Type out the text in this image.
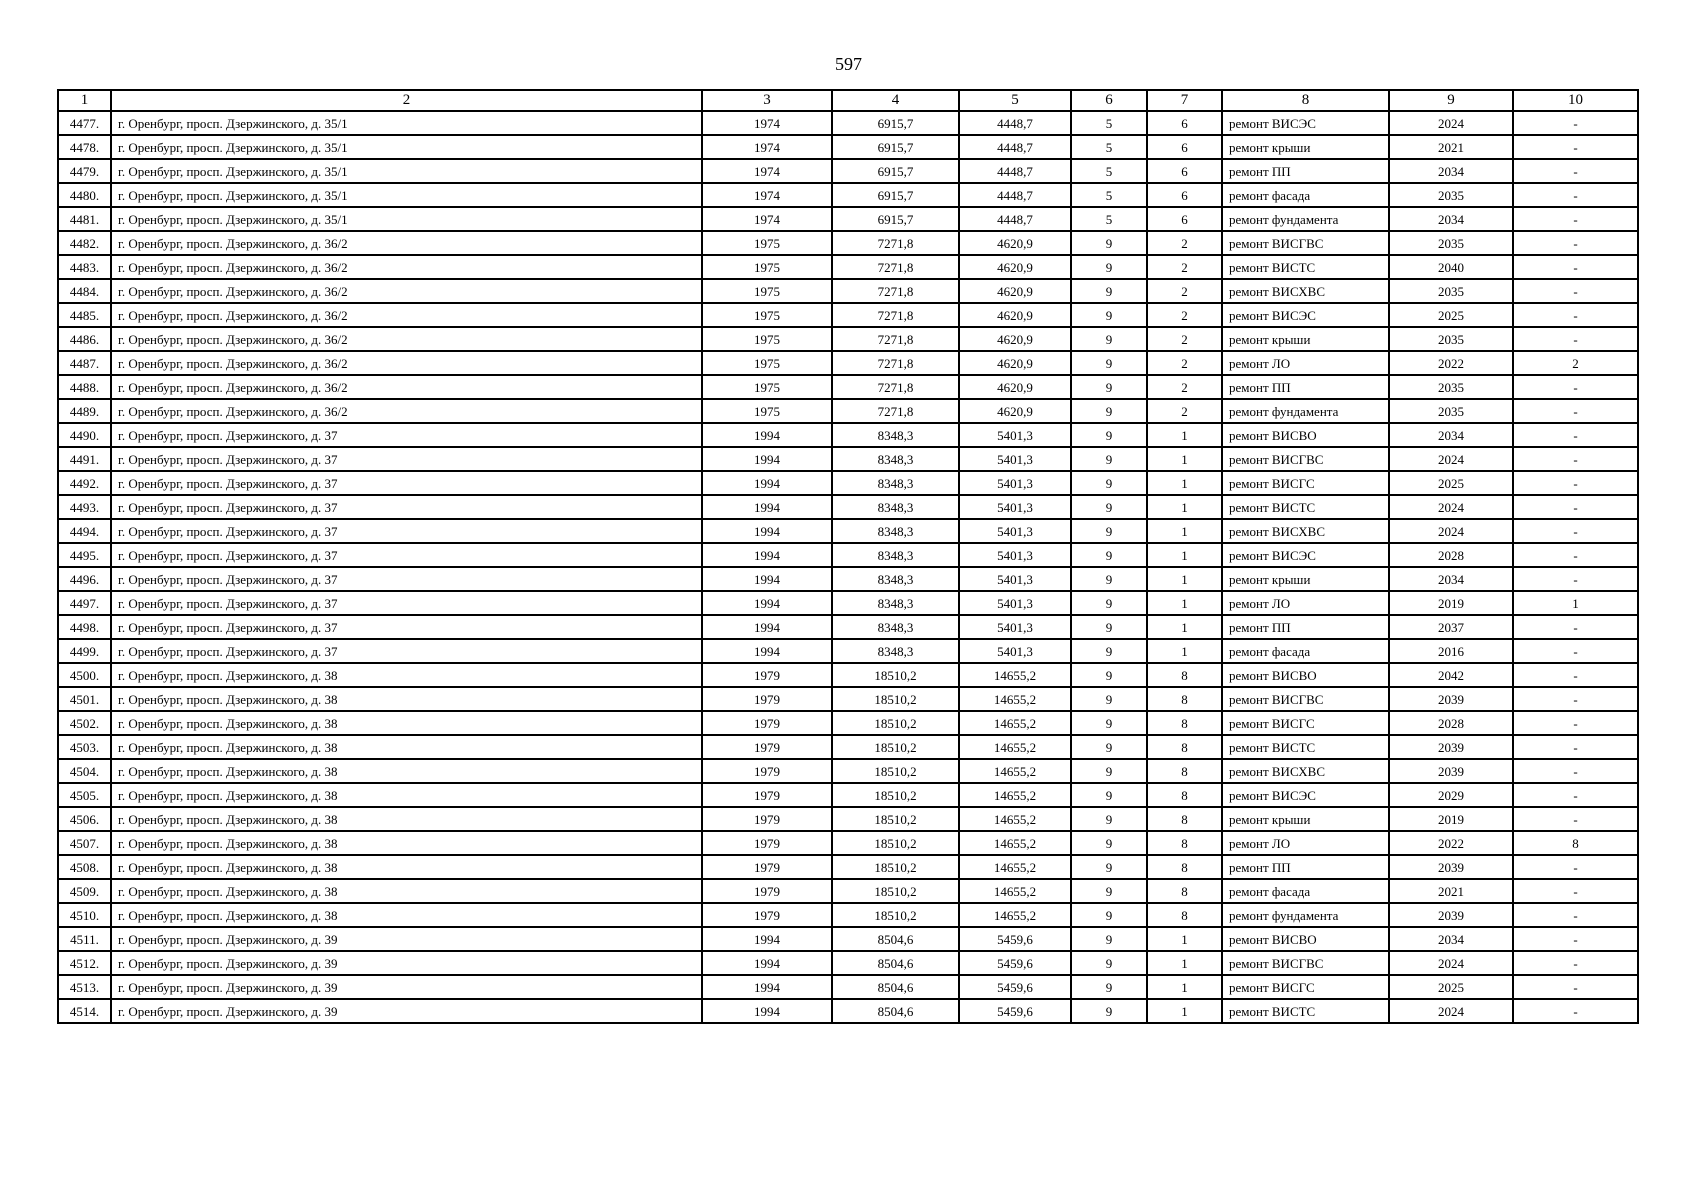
597
1	2	3	4	5	6	7	8	9	10
4477.	г. Оренбург, просп. Дзержинского, д. 35/1	1974	6915,7	4448,7	5	6	ремонт ВИСЭС	2024	-
4478.	г. Оренбург, просп. Дзержинского, д. 35/1	1974	6915,7	4448,7	5	6	ремонт крыши	2021	-
4479.	г. Оренбург, просп. Дзержинского, д. 35/1	1974	6915,7	4448,7	5	6	ремонт ПП	2034	-
4480.	г. Оренбург, просп. Дзержинского, д. 35/1	1974	6915,7	4448,7	5	6	ремонт фасада	2035	-
4481.	г. Оренбург, просп. Дзержинского, д. 35/1	1974	6915,7	4448,7	5	6	ремонт фундамента	2034	-
4482.	г. Оренбург, просп. Дзержинского, д. 36/2	1975	7271,8	4620,9	9	2	ремонт ВИСГВС	2035	-
4483.	г. Оренбург, просп. Дзержинского, д. 36/2	1975	7271,8	4620,9	9	2	ремонт ВИСТС	2040	-
4484.	г. Оренбург, просп. Дзержинского, д. 36/2	1975	7271,8	4620,9	9	2	ремонт ВИСХВС	2035	-
4485.	г. Оренбург, просп. Дзержинского, д. 36/2	1975	7271,8	4620,9	9	2	ремонт ВИСЭС	2025	-
4486.	г. Оренбург, просп. Дзержинского, д. 36/2	1975	7271,8	4620,9	9	2	ремонт крыши	2035	-
4487.	г. Оренбург, просп. Дзержинского, д. 36/2	1975	7271,8	4620,9	9	2	ремонт ЛО	2022	2
4488.	г. Оренбург, просп. Дзержинского, д. 36/2	1975	7271,8	4620,9	9	2	ремонт ПП	2035	-
4489.	г. Оренбург, просп. Дзержинского, д. 36/2	1975	7271,8	4620,9	9	2	ремонт фундамента	2035	-
4490.	г. Оренбург, просп. Дзержинского, д. 37	1994	8348,3	5401,3	9	1	ремонт ВИСВО	2034	-
4491.	г. Оренбург, просп. Дзержинского, д. 37	1994	8348,3	5401,3	9	1	ремонт ВИСГВС	2024	-
4492.	г. Оренбург, просп. Дзержинского, д. 37	1994	8348,3	5401,3	9	1	ремонт ВИСГС	2025	-
4493.	г. Оренбург, просп. Дзержинского, д. 37	1994	8348,3	5401,3	9	1	ремонт ВИСТС	2024	-
4494.	г. Оренбург, просп. Дзержинского, д. 37	1994	8348,3	5401,3	9	1	ремонт ВИСХВС	2024	-
4495.	г. Оренбург, просп. Дзержинского, д. 37	1994	8348,3	5401,3	9	1	ремонт ВИСЭС	2028	-
4496.	г. Оренбург, просп. Дзержинского, д. 37	1994	8348,3	5401,3	9	1	ремонт крыши	2034	-
4497.	г. Оренбург, просп. Дзержинского, д. 37	1994	8348,3	5401,3	9	1	ремонт ЛО	2019	1
4498.	г. Оренбург, просп. Дзержинского, д. 37	1994	8348,3	5401,3	9	1	ремонт ПП	2037	-
4499.	г. Оренбург, просп. Дзержинского, д. 37	1994	8348,3	5401,3	9	1	ремонт фасада	2016	-
4500.	г. Оренбург, просп. Дзержинского, д. 38	1979	18510,2	14655,2	9	8	ремонт ВИСВО	2042	-
4501.	г. Оренбург, просп. Дзержинского, д. 38	1979	18510,2	14655,2	9	8	ремонт ВИСГВС	2039	-
4502.	г. Оренбург, просп. Дзержинского, д. 38	1979	18510,2	14655,2	9	8	ремонт ВИСГС	2028	-
4503.	г. Оренбург, просп. Дзержинского, д. 38	1979	18510,2	14655,2	9	8	ремонт ВИСТС	2039	-
4504.	г. Оренбург, просп. Дзержинского, д. 38	1979	18510,2	14655,2	9	8	ремонт ВИСХВС	2039	-
4505.	г. Оренбург, просп. Дзержинского, д. 38	1979	18510,2	14655,2	9	8	ремонт ВИСЭС	2029	-
4506.	г. Оренбург, просп. Дзержинского, д. 38	1979	18510,2	14655,2	9	8	ремонт крыши	2019	-
4507.	г. Оренбург, просп. Дзержинского, д. 38	1979	18510,2	14655,2	9	8	ремонт ЛО	2022	8
4508.	г. Оренбург, просп. Дзержинского, д. 38	1979	18510,2	14655,2	9	8	ремонт ПП	2039	-
4509.	г. Оренбург, просп. Дзержинского, д. 38	1979	18510,2	14655,2	9	8	ремонт фасада	2021	-
4510.	г. Оренбург, просп. Дзержинского, д. 38	1979	18510,2	14655,2	9	8	ремонт фундамента	2039	-
4511.	г. Оренбург, просп. Дзержинского, д. 39	1994	8504,6	5459,6	9	1	ремонт ВИСВО	2034	-
4512.	г. Оренбург, просп. Дзержинского, д. 39	1994	8504,6	5459,6	9	1	ремонт ВИСГВС	2024	-
4513.	г. Оренбург, просп. Дзержинского, д. 39	1994	8504,6	5459,6	9	1	ремонт ВИСГС	2025	-
4514.	г. Оренбург, просп. Дзержинского, д. 39	1994	8504,6	5459,6	9	1	ремонт ВИСТС	2024	-
